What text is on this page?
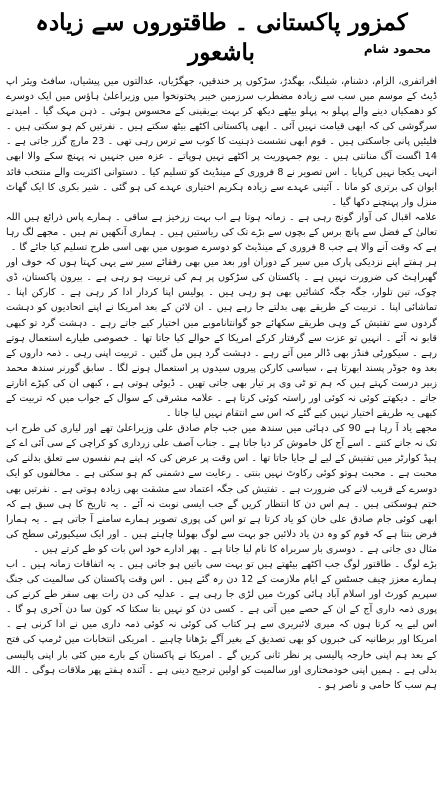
کمزور پاکستانی ۔ طاقتوروں سے زیادہ باشعور	محمود شام

افراتفری، الزام، دشنام، شیلنگ، بھگدڑ، سڑکوں پر خندقیں، جھگڑیاں، عدالتوں میں پیشیاں، سافٹ ویئر اپ ڈیٹ کے موسم میں سب سے زیادہ مضطرب سرزمین خیبر پختونخوا میں وزیراعلیٰ ہاؤس میں ایک دوسرے کو دھمکیاں دینے والے پہلو بہ پہلو بیٹھے دیکھ کر بہت بےیقینی کے محسوس ہوئی ۔ ذہن مہک گیا ۔ امیدنے سرگوشی کی کہ ابھی قیامت نہیں آئی ۔ ابھی پاکستانی اکٹھے بیٹھ سکتے ہیں ۔ نفرتیں کم ہو سکتی ہیں ۔ فلیٹیں پانی جاسکتی ہیں ۔ قوم ابھی نشست ذہنیت کا کوب سے ترس رہی تھی ۔ 23 مارچ گزر جاتی ہے ۔ 14 اگست آگ منانتی ہیں ۔ یوم جمہوریت پر اکٹھے نہیں ہوپاتے ۔ عزہ میں جنہیں نہ پہنچ سکے والا ابھی انہی یکجا نہیں کرپایا ۔ اس تصویر نے 8 فروری کے مینڈیٹ کو تسلیم کیا ۔ دستوانی اکثریت والے منتخب قائد ایوان کی برتری کو مانا ۔ آئینی عہدے سے زیادہ ہکریم اختیاری عہدے کی ہو گئی ۔ شیر بکری کا ایک گھاٹ منزل وار پہنچنے دکھا گیا ۔

علامہ اقبال کی آواز گونج رہی ہے ۔ زمانہ ہوتا ہے اب بہت زرخیز ہے ساقی ۔ ہمارے پاس ذرائع ہیں اللہ تعالیٰ کے فضل سے پانچ برس کے بچوں سے بڑے تک کی ریاستیں ہیں ۔ ہماری آنکھیں نم ہیں ۔ مجھے لگ رہا ہے کہ وقت آنے والا ہے جب 8 فروری کے مینڈیٹ کو دوسرے صوبوں میں بھی اسی طرح تسلیم کیا جائے گا ۔

ہر ہفتے اپنے نزدیکی پارک میں سیر کے دوران اور بعد میں بھی رفقائے سیر سے یہی کہتا ہوں کہ خوف اور گھبراہٹ کی ضرورت نہیں ہے ۔ پاکستان کی سڑکوں پر ہم کی تربیت ہو رہی ہے ۔ بیرون پاکستان، ڈی چوک، تین تلوار، جگہ جگہ کشائیں بھی ہو رہی ہیں ۔ پولیس اپنا کردار ادا کر رہی ہے ۔ کارکن اپنا ۔ تماشائی اپنا ۔ تربیت کے طریقے بھی بدلتے جا رہے ہیں ۔ ان لائن کے بعد امریکا نے اپنے اتحادیوں کو دہشت گردوں سے تفتیش کے وہی طریقے سکھائے جو گوانتاناموبے میں اختیار کیے جاتے رہے ۔ دہشت گرد تو کبھی قابو نہ آئے ۔ انہیں تو عزت سے گرفتار کرکے امریکا کے حوالے کیا جاتا تھا ۔ خصوصی طیارے استعمال ہوتے رہے ۔ سیکورٹی فنڈز بھی ڈالر میں آتے رہے ۔ دہشت گرد ہیں مل گئیں ۔ تربیت اپنی رہی ۔ ذمہ داروں کے بعد وہ جوڈر پسند ابھرتا ہے ، سیاسی کارکن پیروں سیدوں پر استعمال ہونے لگا ۔ سابق گورنر سندھ محمد زبیر درست کہتے ہیں کہ ہم تو ٹی وی پر تیار بھی جاتی تھیں ۔ ڈیوٹی ہوتی ہے ، کبھی ان کی کپڑے اتارتے جاتے ۔ دیکھتے کوئی نہ کوئی اور راستہ کوئی کرتا ہے ۔ علامہ مشرقی کے سوال کے جواب میں کہ تربیت کے کبھی یہ طریقے اختیار نہیں کیے گئے کہ اس سے انتقام نہیں لیا جاتا ۔

مجھے یاد آ رہا ہے 90 کی دہائی میں سندھ میں جب جام صادق علی وزیراعلیٰ تھے اور لیاری کی طرح اب تک نہ جانے کتنے ۔ اسے آج کل خاموش کر دیا جاتا ہے ۔ جناب آصف علی زرداری کو کراچی کے سی آئی اے کے ہیڈ کوارٹر میں تفتیش کے لیے لے جایا جاتا تھا ۔ اس وقت پر عرض کی کہ اپنے ہم نفسوں سے تعلق بدلنے کی محبت ہے ۔ محبت ہوتو کوئی رکاوٹ نہیں بنتی ۔ رعایت سے دشمنی کم ہو سکتی ہے ۔ مخالفوں کو ایک دوسرے کے قریب لانے کی ضرورت ہے ۔ تفتیش کی جگہ اعتماد سے مشقت بھی زیادہ ہوتی ہے ۔ نفرتیں بھی ختم ہوسکتی ہیں ۔ ہم اس دن کا انتظار کریں گے جب ایسی نوبت نہ آئے ۔ یہ تاریخ کا ہی سبق ہے کہ ابھی کوئی جام صادق علی خان کو یاد کرتا ہے تو اس کی پوری تصویر ہمارے سامنے آ جاتی ہے ۔ یہ ہمارا فرض بنتا ہے کہ قوم کو وہ دن یاد دلائیں جو بہت سے لوگ بھولنا چاہتے ہیں ۔ اور ایک سیکیورٹی سطح کی مثال دی جاتی ہے ۔ دوسری بار سربراہ کا نام لیا جاتا ہے ۔ پھر ادارے خود اس بات کو طے کرتے ہیں ۔

بڑے لوگ ۔ طاقتور لوگ جب اکٹھے بیٹھتے ہیں تو بہت سی باتیں ہو جاتی ہیں ۔ یہ اتفاقات زمانہ ہیں ۔ اب ہمارے معزز چیف جسٹس کے ایام ملازمت کے 12 دن رہ گئے ہیں ۔ اس وقت پاکستان کی سالمیت کی جنگ سپریم کورٹ اور اسلام آباد ہائی کورٹ میں لڑی جا رہی ہے ۔ عدلیہ کی دن رات بھی سفر طے کرنے کی پوری ذمہ داری آج کے ان کے حصے میں آتی ہے ۔ کسی دن کو نہیں بتا سکتا کہ کون سا دن آخری ہو گا ۔ اس لیے یہ کرتا ہوں کہ میری لائبریری سے ہر کتاب کی کوئی نہ کوئی ذمہ داری میں نے ادا کرنی ہے ۔ امریکا اور برطانیہ کی خبروں کو بھی تصدیق کے بغیر آگے بڑھانا چاہیے ۔ امریکی انتخابات میں ٹرمپ کی فتح کے بعد ہم اپنی خارجہ پالیسی پر نظر ثانی کریں گے ۔ امریکا نے پاکستان کے بارے میں کئی بار اپنی پالیسی بدلی ہے ۔ ہمیں اپنی خودمختاری اور سالمیت کو اولین ترجیح دینی ہے ۔ آئندہ ہفتے پھر ملاقات ہوگی ۔ اللہ ہم سب کا حامی و ناصر ہو ۔
